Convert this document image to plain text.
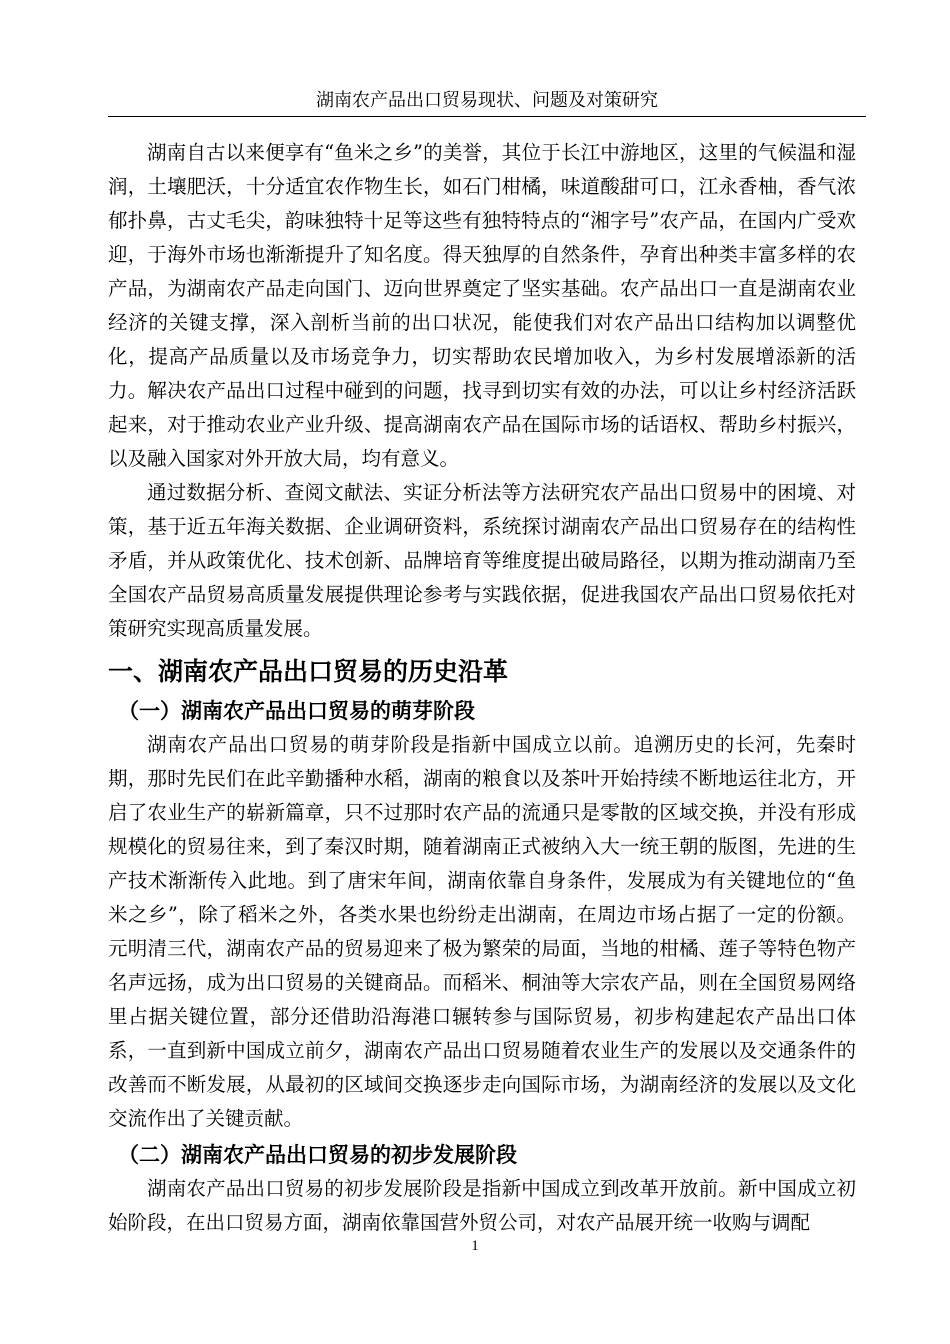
湖南农产品出口贸易现状、问题及对策研究

湖南自古以来便享有“鱼米之乡”的美誉，其位于长江中游地区，这里的气候温和湿润，土壤肥沃，十分适宜农作物生长，如石门柑橘，味道酸甜可口，江永香柚，香气浓郁扑鼻，古丈毛尖，韵味独特十足等这些有独特特点的“湘字号”农产品，在国内广受欢迎，于海外市场也渐渐提升了知名度。得天独厚的自然条件，孕育出种类丰富多样的农产品，为湖南农产品走向国门、迈向世界奠定了坚实基础。农产品出口一直是湖南农业经济的关键支撑，深入剖析当前的出口状况，能使我们对农产品出口结构加以调整优化，提高产品质量以及市场竞争力，切实帮助农民增加收入，为乡村发展增添新的活力。解决农产品出口过程中碰到的问题，找寻到切实有效的办法，可以让乡村经济活跃起来，对于推动农业产业升级、提高湖南农产品在国际市场的话语权、帮助乡村振兴，以及融入国家对外开放大局，均有意义。

通过数据分析、查阅文献法、实证分析法等方法研究农产品出口贸易中的困境、对策，基于近五年海关数据、企业调研资料，系统探讨湖南农产品出口贸易存在的结构性矛盾，并从政策优化、技术创新、品牌培育等维度提出破局路径，以期为推动湖南乃至全国农产品贸易高质量发展提供理论参考与实践依据，促进我国农产品出口贸易依托对策研究实现高质量发展。

一、湖南农产品出口贸易的历史沿革
（一）湖南农产品出口贸易的萌芽阶段

湖南农产品出口贸易的萌芽阶段是指新中国成立以前。追溯历史的长河，先秦时期，那时先民们在此辛勤播种水稻，湖南的粮食以及茶叶开始持续不断地运往北方，开启了农业生产的崭新篇章，只不过那时农产品的流通只是零散的区域交换，并没有形成规模化的贸易往来，到了秦汉时期，随着湖南正式被纳入大一统王朝的版图，先进的生产技术渐渐传入此地。到了唐宋年间，湖南依靠自身条件，发展成为有关键地位的“鱼米之乡”，除了稻米之外，各类水果也纷纷走出湖南，在周边市场占据了一定的份额。元明清三代，湖南农产品的贸易迎来了极为繁荣的局面，当地的柑橘、莲子等特色物产名声远扬，成为出口贸易的关键商品。而稻米、桐油等大宗农产品，则在全国贸易网络里占据关键位置，部分还借助沿海港口辗转参与国际贸易，初步构建起农产品出口体系，一直到新中国成立前夕，湖南农产品出口贸易随着农业生产的发展以及交通条件的改善而不断发展，从最初的区域间交换逐步走向国际市场，为湖南经济的发展以及文化交流作出了关键贡献。

（二）湖南农产品出口贸易的初步发展阶段

湖南农产品出口贸易的初步发展阶段是指新中国成立到改革开放前。新中国成立初始阶段，在出口贸易方面，湖南依靠国营外贸公司，对农产品展开统一收购与调配

1
